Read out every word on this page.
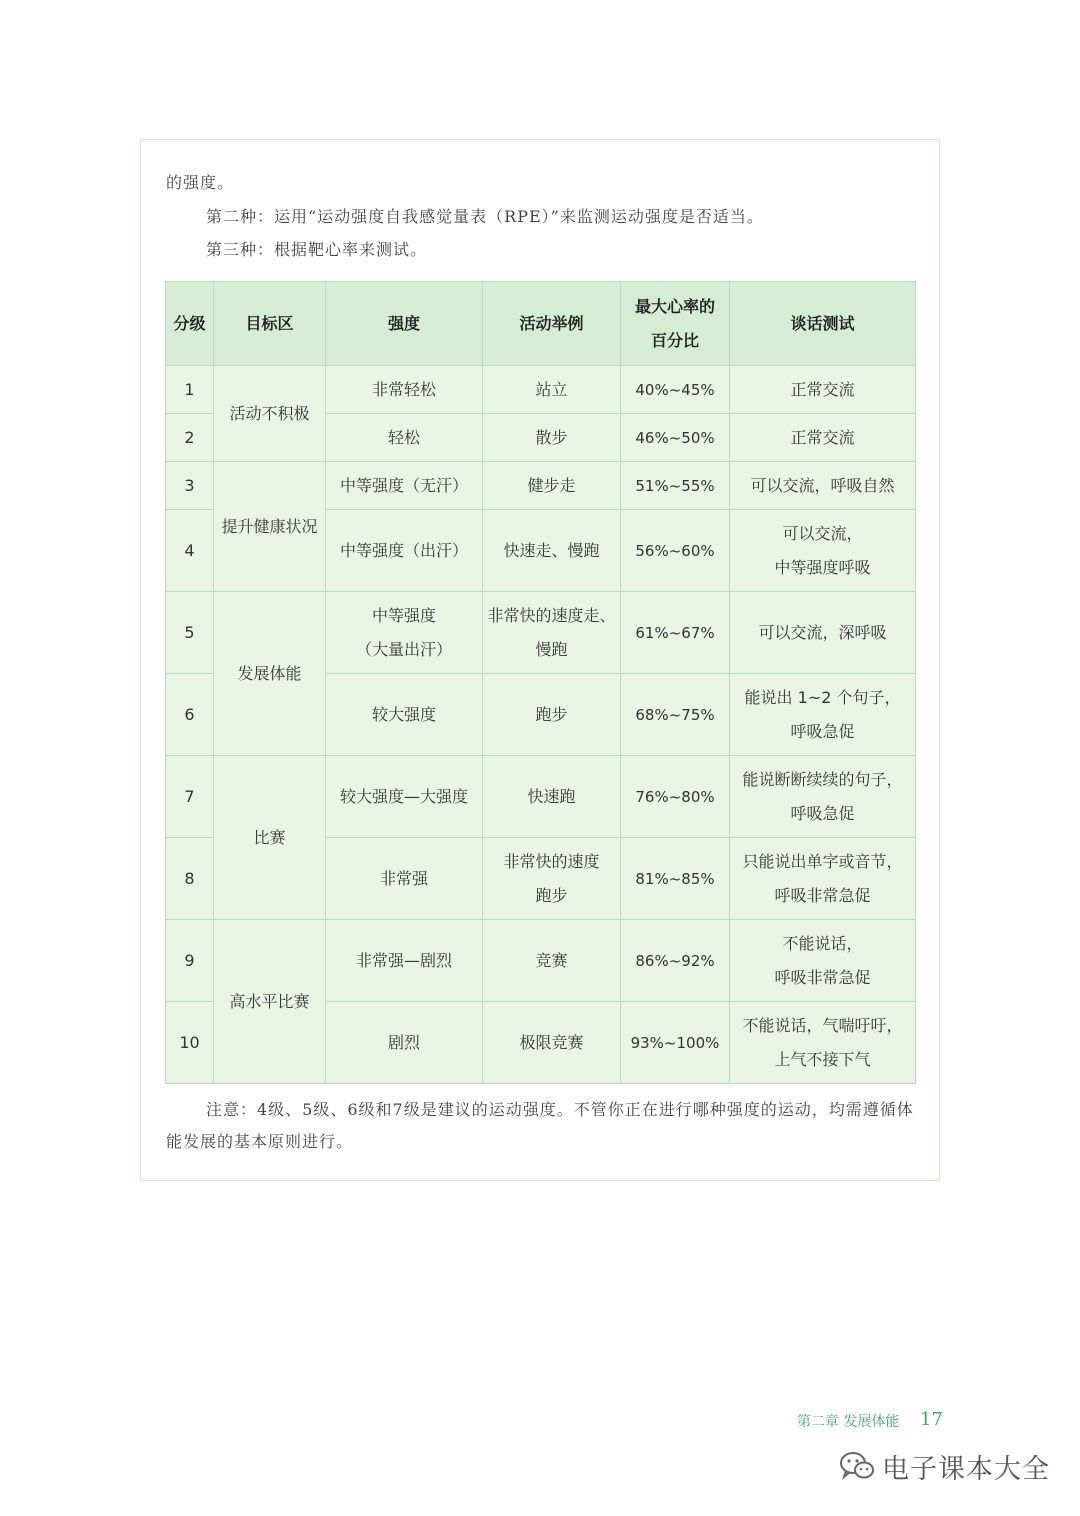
的强度。
第二种：运用“运动强度自我感觉量表（RPE）”来监测运动强度是否适当。
第三种：根据靶心率来测试。
分级	目标区	强度	活动举例	最大心率的
百分比	谈话测试
1	活动不积极	非常轻松	站立	40%~45%	正常交流

2		轻松	散步	46%~50%	正常交流

3	提升健康状况	中等强度（无汗）	健步走	51%~55%	可以交流，呼吸自然

4		中等强度（出汗）	快速走、慢跑	56%~60%	可以交流，
中等强度呼吸

5	发展体能	中等强度
（大量出汗）	非常快的速度走、
慢跑	61%~67%	可以交流，深呼吸

6		较大强度	跑步	68%~75%	能说出 1~2 个句子，
呼吸急促

7	比赛	较大强度—大强度	快速跑	76%~80%	能说断断续续的句子，
呼吸急促

8		非常强	非常快的速度
跑步	81%~85%	只能说出单字或音节，
呼吸非常急促

9	高水平比赛	非常强—剧烈	竞赛	86%~92%	不能说话，
呼吸非常急促

10		剧烈	极限竞赛	93%~100%	不能说话，气喘吁吁，
上气不接下气
注意：4级、5级、6级和7级是建议的运动强度。不管你正在进行哪种强度的运动，均需遵循体能发展的基本原则进行。
第二章 发展体能 17
电子课本大全
